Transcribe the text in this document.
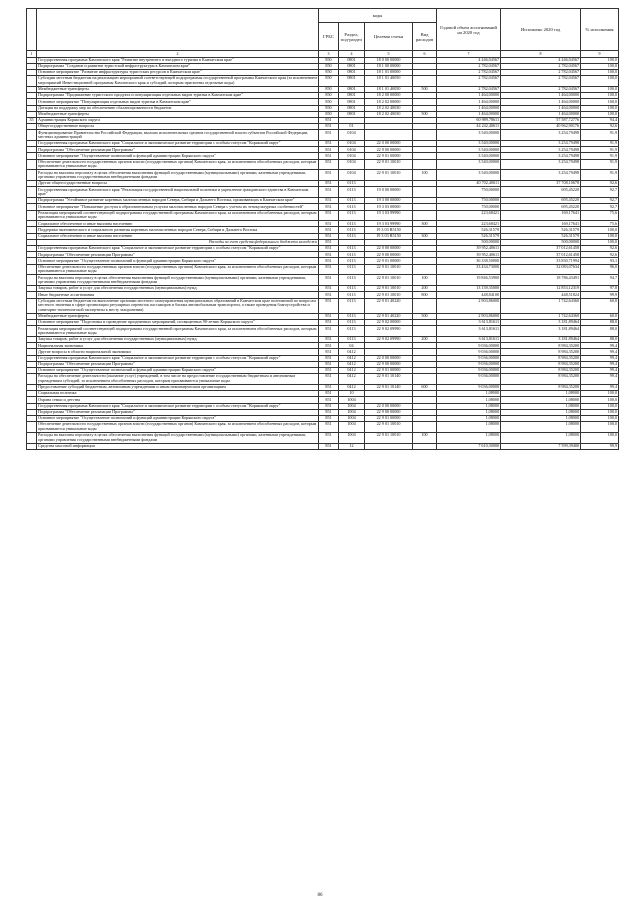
		коды				Годовой объем ассигнований на 2020 год	Исполнено 2020 год	% исполнения
		ГРБС	Раздел, под-раздел	Целевая статья	Вид расходов			
1	2	3	4	5	6	7	8	9
	Государственная программа Камчатского края "Развитие внутреннего и въездного туризма в Камчатском крае"	850	0801	18 0 00 00000		4 246,04567	4 246,04567	100,0
	Подпрограмма "Создание и развитие туристской инфраструктуры в Камчатском крае"	850	0801	18 1 00 00000		2 782,04567	2 782,04567	100,0
	Основное мероприятие "Развитие инфраструктуры туристских ресурсов в Камчатском крае"	850	0801	18 1 01 00000		2 782,04567	2 782,04567	100,0
	Субсидии местным бюджетам на реализацию мероприятий соответствующей подпрограммы государственной программы Камчатского края (за исключением мероприятий Инвестиционной программы Камчатского края и субсидий, которым присвоены отдельные коды)	850	0801	18 1 01 40050		2 782,04567	2 782,04567	100,0
	Межбюджетные трансферты	850	0801	18 1 01 40050	500	2 782,04567	2 782,04567	100,0
	Подпрограмма "Продвижение туристского продукта и популяризация отдельных видов туризма в Камчатском крае"	850	0801	18 2 00 00000		1 464,00000	1 464,00000	100,0
	Основное мероприятие "Популяризация отдельных видов туризма в Камчатском крае"	850	0801	18 2 02 00000		1 464,00000	1 464,00000	100,0
	Дотация на поддержку мер по обеспечению сбалансированности бюджетов	850	0801	18 2 02 40030		1 464,00000	1 464,00000	100,0
	Межбюджетные трансферты	850	0801	18 2 02 40030	500	1 464,00000	1 464,00000	100,0
35	Администрация Корякского округа	851				60 989,78611	57 587,72776	94,4
	Общегосударственные вопросы	851	01			44 242,40611	40 962,90176	92,6
	Функционирование Правительства Российской Федерации, высших исполнительных органов государственной власти субъектов Российской Федерации, местных администраций	851	0104			3 540,00000	3 254,79498	91,9
	Государственная программа Камчатского края "Социальное и экономическое развитие территории с особым статусом "Корякский округ"	851	0104	22 0 00 00000		3 540,00000	3 254,79498	91,9
	Подпрограмма "Обеспечение реализации Программы"	851	0104	22 9 00 00000		3 540,00000	3 254,79498	91,9
	Основное мероприятие "Осуществление полномочий и функций администрации Корякского округа"	851	0104	22 9 01 00000		3 540,00000	3 254,79498	91,9
	Обеспечение деятельности государственных органов власти (государственных органов) Камчатского края, за исключением обособленных расходов, которым присваиваются уникальные коды	851	0104	22 9 01 10010		3 540,00000	3 254,79498	91,9
	Расходы на выплаты персоналу в целях обеспечения выполнения функций государственными (муниципальными) органами, казенными учреждениями, органами управления государственными внебюджетными фондами	851	0104	22 9 01 10010	100	3 540,00000	3 254,79498	91,9
	Другие общегосударственные вопросы	851	0113			40 702,40611	37 708,10678	92,6
	Государственная программа Камчатского края "Реализация государственной национальной политики и укрепление гражданского единства в Камчатском крае"	851	0113	19 0 00 00000		750,00000	695,45220	92,7
	Подпрограмма "Устойчивое развитие коренных малочисленных народов Севера, Сибири и Дальнего Востока, проживающих в Камчатском крае"	851	0113	19 3 00 00000		750,00000	695,45220	92,7
	Основное мероприятие "Повышение доступа к образовательным услугам малочисленных народов Севера с учетом их этнокультурных особенностей"	851	0113	19 3 03 00000		750,00000	695,45220	92,7
	Реализация мероприятий соответствующей подпрограммы государственной программы Камчатского края, за исключением обособленных расходов, которым присваиваются уникальные коды	851	0113	19 3 03 99990		223,68421	169,17641	75,6
	Социальное обеспечение и иные выплаты населению	851	0113	19 3 03 99990	300	223,68421	169,17641	75,6
	Поддержка экономического и социального развития коренных малочисленных народов Севера, Сибири и Дальнего Востока	851	0113	19 3 03 R5150		526,31579	526,31579	100,0
	Социальное обеспечение и иные выплаты населению	851	0113	19 3 03 R5150	300	526,31579	526,31579	100,0
	Расходы за счет средств федерального бюджета молодежи	851				500,00000	500,00000	100,0
	Государственная программа Камчатского края "Социальное и экономическое развитие территории с особым статусом "Корякский округ"	851	0113	22 0 00 00000		39 952,40611	37 012,61458	92,6
	Подпрограмма "Обеспечение реализации Программы"	851	0113	22 9 00 00000		39 952,40611	37 012,61458	92,6
	Основное мероприятие "Осуществление полномочий и функций администрации Корякского округа"	851	0113	22 9 01 00000		36 338,50000	33 830,71994	93,1
	Обеспечение деятельности государственных органов власти (государственных органов) Камчатского края, за исключением обособленных расходов, которым присваиваются уникальные коды	851	0113	22 9 01 10010		33 434,73000	32 083,07634	96,0
	Расходы на выплаты персоналу в целях обеспечения выполнения функций государственными (муниципальными) органами, казенными учреждениями, органами управления государственными внебюджетными фондами	851	0113	22 9 01 10010	100	19 846,53900	18 786,43491	94,7
	Закупка товаров, работ и услуг для обеспечения государственных (муниципальных) нужд	851	0113	22 9 01 10010	200	13 139,35000	12 853,12319	97,8
	Иные бюджетные ассигнования	851	0113	22 9 01 10010	800	448,84100	448,51824	99,9
	Субсидии местным бюджетам на выполнение органами местного самоуправления муниципальных образований в Камчатском крае полномочий по вопросам местного значения в сфере организации регулярных перевозок пассажиров и багажа автомобильным транспортом, а также проведения благоустройства и санитарно-гигиенической экспертизы к месту захоронения)	851	0113	22 9 01 40220		2 903,86000	1 742,64360	60,0
	Межбюджетные трансферты	851	0113	22 9 01 40220	500	2 903,86000	1 742,64360	60,0
	Основное мероприятие "Подготовка и проведение праздничных мероприятий, посвященных 90-летию Корякского округа"	851	0113	22 9 02 00000		3 613,81611	3 181,89464	88,0
	Реализация мероприятий соответствующей подпрограммы государственной программы Камчатского края, за исключением обособленных расходов, которым присваиваются уникальные коды	851	0113	22 9 02 09990		3 613,81611	3 181,89464	88,0
	Закупка товаров, работ и услуг для обеспечения государственных (муниципальных) нужд	851	0113	22 9 02 09990	200	3 613,81611	3 181,89464	88,0
	Национальная экономика	851	04			9 036,00000	8 984,35200	99,4
	Другие вопросы в области национальной экономики	851	0412			9 036,00000	8 984,35200	99,4
	Государственная программа Камчатского края "Социальное и экономическое развитие территории с особым статусом "Корякский округ"	851	0412	22 0 00 00000		9 036,00000	8 984,35200	99,4
	Подпрограмма "Обеспечение реализации Программы"	851	0412	22 9 00 00000		9 036,00000	8 984,35200	99,4
	Основное мероприятие "Осуществление полномочий и функций администрации Корякского округа"	851	0412	22 9 01 00000		9 036,00000	8 984,35200	99,4
	Расходы на обеспечение деятельности (оказание услуг) учреждений, в том числе на предоставление государственным бюджетным и автономным учреждениям субсидий, за исключением обособленных расходов, которым присваиваются уникальные коды	851	0412	22 9 01 10140		9 036,00000	8 984,35200	99,4
	Предоставление субсидий бюджетным, автономным учреждениям и иным некоммерческим организациям	851	0412	22 9 01 10140	600	9 036,00000	8 984,35200	99,4
	Социальная политика	851	10			1,08000	1,08000	100,0
	Охрана семьи и детства	851	1004			1,08000	1,08000	100,0
	Государственная программа Камчатского края "Социальное и экономическое развитие территории с особым статусом "Корякский округ"	851	1004	22 0 00 00000		1,08000	1,08000	100,0
	Подпрограмма "Обеспечение реализации Программы"	851	1004	22 9 00 00000		1,08000	1,08000	100,0
	Основное мероприятие "Осуществление полномочий и функций администрации Корякского округа"	851	1004	22 9 01 00000		1,08000	1,08000	100,0
	Обеспечение деятельности государственных органов власти (государственных органов) Камчатского края, за исключением обособленных расходов, которым присваиваются уникальные коды	851	1004	22 9 01 10010		1,08000	1,08000	100,0
	Расходы на выплаты персоналу в целях обеспечения выполнения функций государственными (муниципальными) органами, казенными учреждениями, органами управления государственными внебюджетными фондами	851	1004	22 9 01 10010	100	1,08000	1,08000	100,0
	Средства массовой информации	851	12			7 610,30000	7 599,39400	99,9
86
